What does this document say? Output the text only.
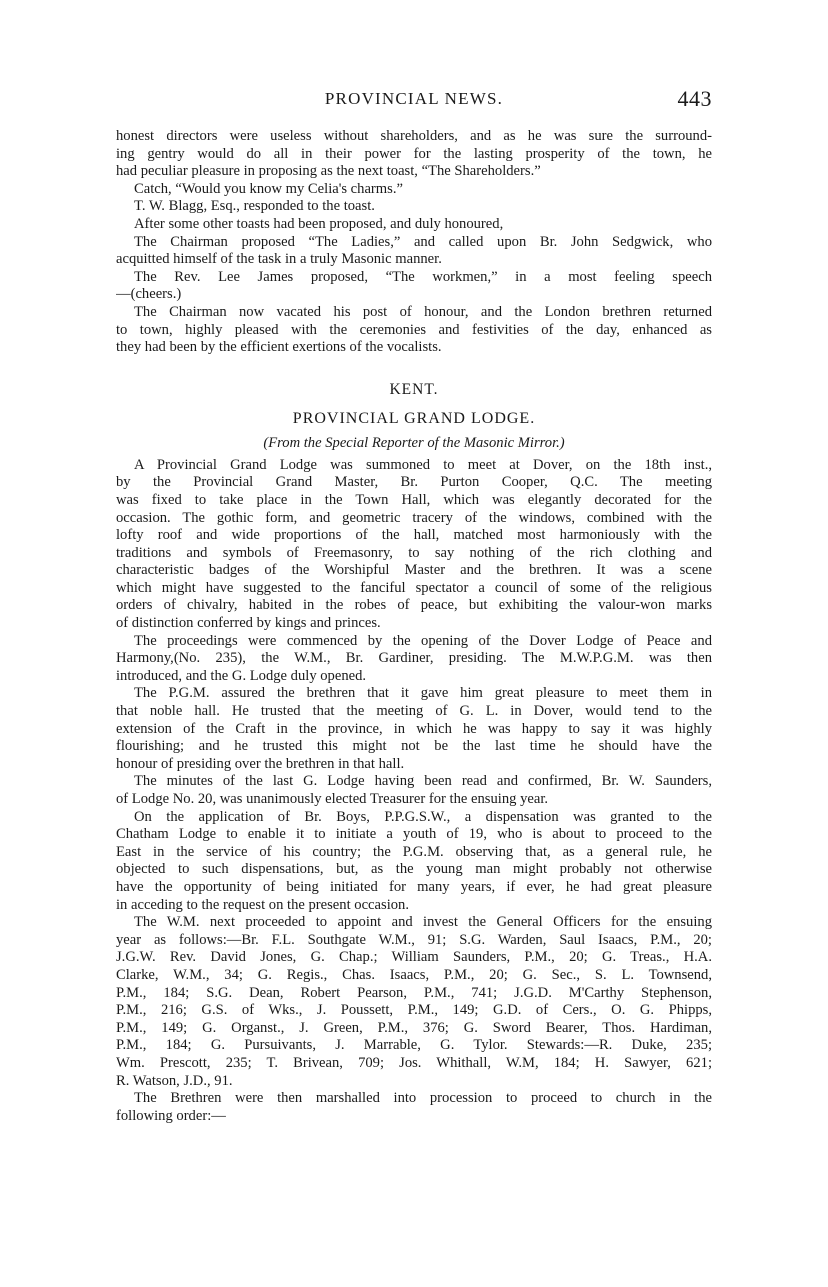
PROVINCIAL NEWS.	443
honest directors were useless without shareholders, and as he was sure the surround-
ing gentry would do all in their power for the lasting prosperity of the town, he
had peculiar pleasure in proposing as the next toast, “The Shareholders.”
Catch, “Would you know my Celia's charms.”
T. W. Blagg, Esq., responded to the toast.
After some other toasts had been proposed, and duly honoured,
The Chairman proposed “The Ladies,” and called upon Br. John Sedgwick, who
acquitted himself of the task in a truly Masonic manner.
The Rev. Lee James proposed, “The workmen,” in a most feeling speech
—(cheers.)
The Chairman now vacated his post of honour, and the London brethren returned
to town, highly pleased with the ceremonies and festivities of the day, enhanced as
they had been by the efficient exertions of the vocalists.
KENT.
PROVINCIAL GRAND LODGE.
(From the Special Reporter of the Masonic Mirror.)
A Provincial Grand Lodge was summoned to meet at Dover, on the 18th inst.,
by the Provincial Grand Master, Br. Purton Cooper, Q.C. The meeting
was fixed to take place in the Town Hall, which was elegantly decorated for the
occasion. The gothic form, and geometric tracery of the windows, combined with the
lofty roof and wide proportions of the hall, matched most harmoniously with the
traditions and symbols of Freemasonry, to say nothing of the rich clothing and
characteristic badges of the Worshipful Master and the brethren. It was a scene
which might have suggested to the fanciful spectator a council of some of the religious
orders of chivalry, habited in the robes of peace, but exhibiting the valour-won marks
of distinction conferred by kings and princes.
The proceedings were commenced by the opening of the Dover Lodge of Peace and
Harmony,(No. 235), the W.M., Br. Gardiner, presiding. The M.W.P.G.M. was then
introduced, and the G. Lodge duly opened.
The P.G.M. assured the brethren that it gave him great pleasure to meet them in
that noble hall. He trusted that the meeting of G. L. in Dover, would tend to the
extension of the Craft in the province, in which he was happy to say it was highly
flourishing; and he trusted this might not be the last time he should have the
honour of presiding over the brethren in that hall.
The minutes of the last G. Lodge having been read and confirmed, Br. W. Saunders,
of Lodge No. 20, was unanimously elected Treasurer for the ensuing year.
On the application of Br. Boys, P.P.G.S.W., a dispensation was granted to the
Chatham Lodge to enable it to initiate a youth of 19, who is about to proceed to the
East in the service of his country; the P.G.M. observing that, as a general rule, he
objected to such dispensations, but, as the young man might probably not otherwise
have the opportunity of being initiated for many years, if ever, he had great pleasure
in acceding to the request on the present occasion.
The W.M. next proceeded to appoint and invest the General Officers for the ensuing
year as follows:—Br. F.L. Southgate W.M., 91; S.G. Warden, Saul Isaacs, P.M., 20;
J.G.W. Rev. David Jones, G. Chap.; William Saunders, P.M., 20; G. Treas., H.A.
Clarke, W.M., 34; G. Regis., Chas. Isaacs, P.M., 20; G. Sec., S. L. Townsend,
P.M., 184; S.G. Dean, Robert Pearson, P.M., 741; J.G.D. M'Carthy Stephenson,
P.M., 216; G.S. of Wks., J. Poussett, P.M., 149; G.D. of Cers., O. G. Phipps,
P.M., 149; G. Organst., J. Green, P.M., 376; G. Sword Bearer, Thos. Hardiman,
P.M., 184; G. Pursuivants, J. Marrable, G. Tylor. Stewards:—R. Duke, 235;
Wm. Prescott, 235; T. Brivean, 709; Jos. Whithall, W.M, 184; H. Sawyer, 621;
R. Watson, J.D., 91.
The Brethren were then marshalled into procession to proceed to church in the
following order:—
